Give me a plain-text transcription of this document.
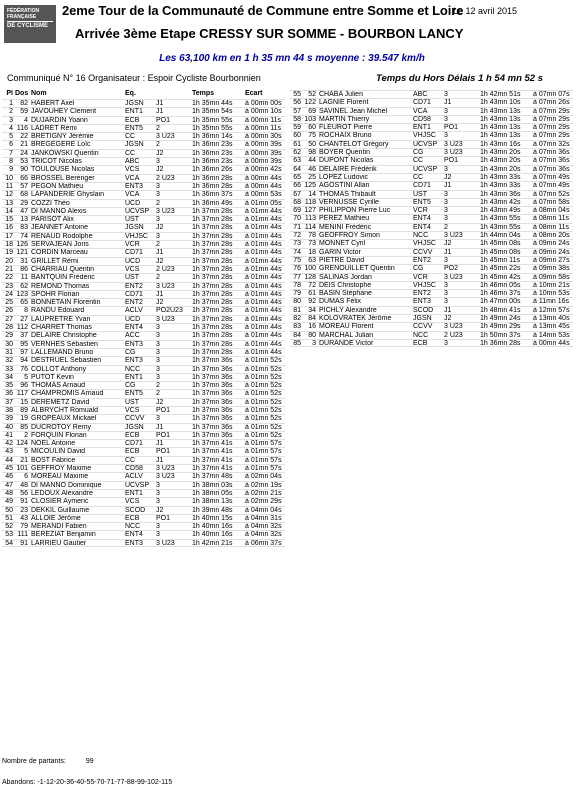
FÉDÉRATION
FRANÇAISE
DE CYCLISME
2eme Tour de la Communauté de Commune entre Somme et Loire
Le 12 avril 2015
Arrivée 3ème Etape CRESSY SUR SOMME - BOURBON LANCY
Les 63,100 km en 1 h 35 mn 44 s moyenne : 39.547 km/h
Communiqué N° 16 Organisateur : Espoir Cycliste Bourbonnien	Temps du Hors Délais 1 h 54 mn 52 s
Pl Dos Nom	Eq.	Temps	Ecart
1	82 HABERT Axel	JGSN	J1	1h 35mn 44s	à 00mn 00s
2	59 JAVOUHEY Clement	ENT1	J1	1h 35mn 54s	à 00mn 10s
3	4 DUJARDIN Yoann	ECB	PO1	1h 35mn 55s	à 00mn 11s
4 116 LADRET Rémi	ENT5	2	1h 35mn 55s	à 00mn 11s
5	22 BRETIGNY Jérémie	CC	3 U23	1h 36mn 14s	à 00mn 30s
6	21 BREGEGERE Loïc	JGSN	2	1h 36mn 23s	à 00mn 39s
7	24 JANKOWSKI Quentin	CC	J2	1h 36mn 23s	à 00mn 39s
8	53 TRICOT Nicolas	ABC	3	1h 36mn 23s	à 00mn 39s
9	90 TOULOUSE Nicolas	VCS	J2	1h 36mn 26s	à 00mn 42s
10	66 BROSSEL Berenger	VCA	2 U23	1h 36mn 28s	à 00mn 44s
11	57 PEGON Mathieu	ENT3	3	1h 36mn 28s	à 00mn 44s
12	68 LAPANDERIE Ghyslain	VCA	3	1h 36mn 37s	à 00mn 53s
13	29 COZZI Théo	UCD	2	1h 36mn 49s	à 01mn 05s
14	47 DI MANNO Alexis	UCVSP 3 U23	1h 37mn 28s	à 01mn 44s
15	13 PARISOT Alix	UST	3	1h 37mn 28s	à 01mn 44s
16	83 JEANNET Antoine	JGSN	J2	1h 37mn 28s	à 01mn 44s
17	74 RENAUD Rodolphe	VHJSC	3	1h 37mn 28s	à 01mn 44s
18 126 SERVAJEAN Joris	VCR	2	1h 37mn 28s	à 01mn 44s
19 121 CORDIN Marceau	CD71	J1	1h 37mn 28s	à 01mn 44s
20	31 GRILLET Rémi	UCD	J2	1h 37mn 28s	à 01mn 44s
21	86 CHARRIAU Quentin	VCS	2 U23	1h 37mn 28s	à 01mn 44s
22	11 BANTQUIN Frédéric	UST	2	1h 37mn 28s	à 01mn 44s
23	62 REMOND Thomas	ENT2	3 U23	1h 37mn 28s	à 01mn 44s
24 123 SPOHR Florian	CD71	J1	1h 37mn 28s	à 01mn 44s
25	65 BONNETAIN Florentin	ENT2	J2	1h 37mn 28s	à 01mn 44s
26	8 RANDU Edouard	ACLV	PO2U23	1h 37mn 28s	à 01mn 44s
27	27 LAUPRETRE Yvan	UCD	3 U23	1h 37mn 28s	à 01mn 44s
28 112 CHARRET Thomas	ENT4	3	1h 37mn 28s	à 01mn 44s
29	37 DELAIRE Christophe	ACC	3	1h 37mn 28s	à 01mn 44s
30	95 VERNHES Sébastien	ENT3	3	1h 37mn 28s	à 01mn 44s
31	97 LALLEMAND Bruno	CG	3	1h 37mn 28s	à 01mn 44s
32	94 DESTRUEL Sebastien	ENT3	3	1h 37mn 36s	à 01mn 52s
33	76 COLLOT Anthony	NCC	3	1h 37mn 36s	à 01mn 52s
34	5 PUTOT Kevin	ENT1	3	1h 37mn 36s	à 01mn 52s
35	96 THOMAS Arnaud	CG	2	1h 37mn 36s	à 01mn 52s
36 117 CHAMPROMIS Arnaud	ENT5	2	1h 37mn 36s	à 01mn 52s
37	15 DEREMETZ David	UST	J2	1h 37mn 36s	à 01mn 52s
38	89 ALBRYCHT Romuald	VCS	PO1	1h 37mn 36s	à 01mn 52s
39	19 GROPEAUX Mickael	CCVV	3	1h 37mn 36s	à 01mn 52s
40	85 DUCROTOY Remy	JGSN	J1	1h 37mn 36s	à 01mn 52s
41	2 FORQUIN Florian	ECB	PO1	1h 37mn 36s	à 01mn 52s
42 124 NOEL Antoine	CD71	J1	1h 37mn 41s	à 01mn 57s
43	5 MICOULIN David	ECB	PO1	1h 37mn 41s	à 01mn 57s
44	21 BOST Fabrice	CC	J1	1h 37mn 41s	à 01mn 57s
45 101 GEFFROY Maxime	CD58	3 U23	1h 37mn 41s	à 01mn 57s
46	6 MOREAU Maxime	ACLV	3 U23	1h 37mn 48s	à 02mn 04s
47	48 DI MANNO Dominique	UCVSP 3	1h 38mn 03s	à 02mn 19s
48	56 LEDOUX Alexandre	ENT1	3	1h 38mn 05s	à 02mn 21s
49	91 CLOSIER Aymeric	VCS	3	1h 38mn 13s	à 02mn 29s
50	23 DEKKIL Guillaume	SCOD	J2	1h 39mn 48s	à 04mn 04s
51	43 ALLOIE Jérôme	ECB	PO1	1h 40mn 15s	à 04mn 31s
52	79 MERANDI Fabien	NCC	3	1h 40mn 16s	à 04mn 32s
53 111 BEREZIAT Benjamin	ENT4	3	1h 40mn 16s	à 04mn 32s
54	91 LARRIEU Gautier	ENT3	3 U23	1h 42mn 21s	à 06mn 37s
55	52 CHABA Julien	ABC	3	1h 42mn 51s	à 07mn 07s
56 122 LAGNIE Florent	CD71	J1	1h 43mn 10s	à 07mn 26s
57	69 SAVINEL Jean Michel	VCA	3	1h 43mn 13s	à 07mn 29s
58 103 MARTIN Thierry	CD58	3	1h 43mn 13s	à 07mn 29s
59	60 FLEUROT Pierre	ENT1	PO1	1h 43mn 13s	à 07mn 29s
60	75 ROCHAIX Bruno	VHJSC	3	1h 43mn 13s	à 07mn 29s
61	50 CHANTELOT Grégory	UCVSP 3 U23	1h 43mn 16s	à 07mn 32s
62	98 BOYER Quentin	CG	3 U23	1h 43mn 20s	à 07mn 36s
63	44 DUPONT Nicolas	CC	PO1	1h 43mn 20s	à 07mn 36s
64	46 DELAIRE Frédérik	UCVSP 3	1h 43mn 20s	à 07mn 36s
65	25 LOPEZ Ludovic	CC	J2	1h 43mn 33s	à 07mn 49s
66 125 AGOSTINI Allan	CD71	J1	1h 43mn 33s	à 07mn 49s
67	14 THOMAS Thibault	UST	3	1h 43mn 36s	à 07mn 52s
68 118 VERNUSSE Cyrille	ENT5	3	1h 43mn 42s	à 07mn 58s
69 127 PHILIPPON Pierre Luc	VCR	3	1h 43mn 49s	à 08mn 04s
70 113 PEREZ Mathieu	ENT4	3	1h 43mn 55s	à 08mn 11s
71 114 MENINI Frédéric	ENT4	2	1h 43mn 55s	à 08mn 11s
72	78 GEOFFROY Simon	NCC	3 U23	1h 44mn 04s	à 08mn 20s
73	73 MONNET Cyril	VHJSC	J2	1h 45mn 08s	à 09mn 24s
74	18 GARIN Victor	CCVV	J1	1h 45mn 08s	à 09mn 24s
75	63 PIETRE David	ENT2	3	1h 45mn 11s	à 09mn 27s
76 100 GRENOUILLET Quentin	CG	PO2	1h 45mn 22s	à 09mn 38s
77 128 SALINAS Jordan	VCR	3 U23	1h 45mn 42s	à 09mn 58s
78	72 DEIS Christophe	VHJSC	3	1h 46mn 05s	à 10mn 21s
79	61 BASIN Stéphane	ENT2	3	1h 46mn 37s	à 10mn 53s
80	92 DUMAS Félix	ENT3	3	1h 47mn 00s	à 11mn 16s
81	34 PICHLY Alexandre	SCOD	J1	1h 48mn 41s	à 12mn 57s
82	84 KOLOVRATEK Jérôme	JGSN	J2	1h 49mn 24s	à 13mn 40s
83	16 MOREAU Florent	CCVV	3 U23	1h 49mn 29s	à 13mn 45s
84	80 MARCHAL Julian	NCC	2 U23	1h 50mn 37s	à 14mn 53s
85	3 DURANDE Victor	ECB	3	1h 36mn 28s	à 00mn 44s
Nombre de partants:	99
Abandons: -1-12-20-36-40-55-70-71-77-88-99-102-115
